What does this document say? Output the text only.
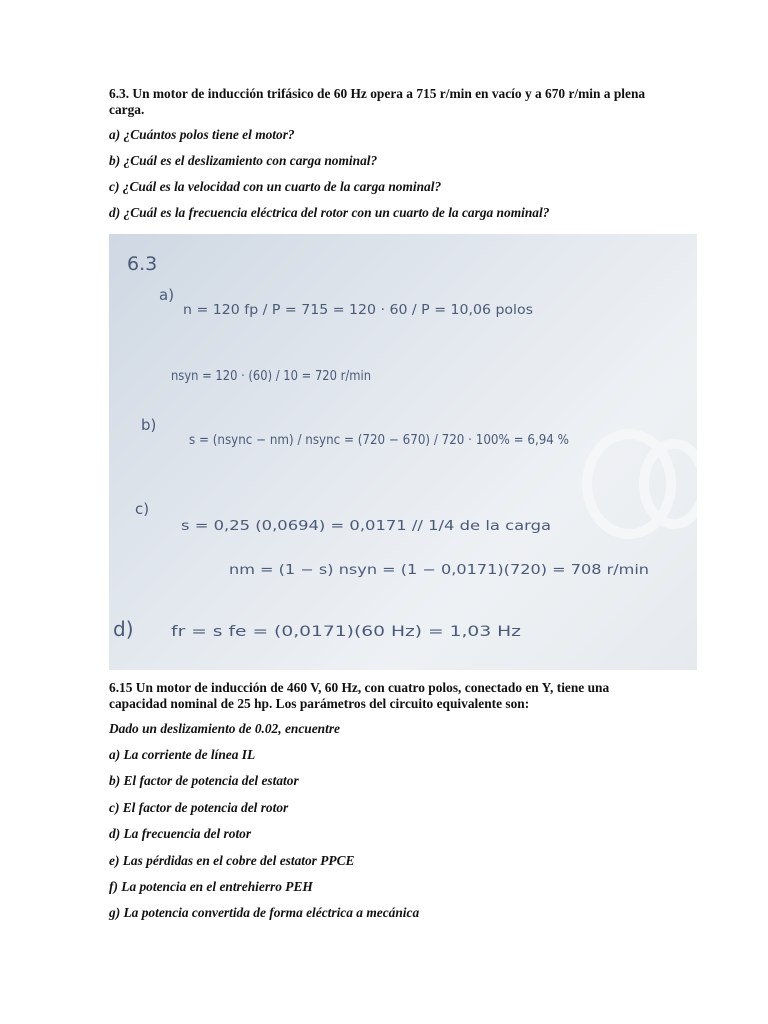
6.3. Un motor de inducción trifásico de 60 Hz opera a 715 r/min en vacío y a 670 r/min a plena carga.

a) ¿Cuántos polos tiene el motor?

b) ¿Cuál es el deslizamiento con carga nominal?

c) ¿Cuál es la velocidad con un cuarto de la carga nominal?

d) ¿Cuál es la frecuencia eléctrica del rotor con un cuarto de la carga nominal?

6.3
a)
n = 120 fp / P = 715 = 120 · 60 / P = 10,06 polos
nsyn = 120 · (60) / 10 = 720 r/min
b)
s = (nsync − nm) / nsync = (720 − 670) / 720 · 100% = 6,94 %
c)
s = 0,25 (0,0694) = 0,0171 // 1/4 de la carga
nm = (1 − s) nsyn = (1 − 0,0171)(720) = 708 r/min
d)	fr = s fe = (0,0171)(60 Hz) = 1,03 Hz

6.15 Un motor de inducción de 460 V, 60 Hz, con cuatro polos, conectado en Y, tiene una capacidad nominal de 25 hp. Los parámetros del circuito equivalente son:

Dado un deslizamiento de 0.02, encuentre

a) La corriente de línea IL

b) El factor de potencia del estator

c) El factor de potencia del rotor

d) La frecuencia del rotor

e) Las pérdidas en el cobre del estator PPCE

f) La potencia en el entrehierro PEH

g) La potencia convertida de forma eléctrica a mecánica
